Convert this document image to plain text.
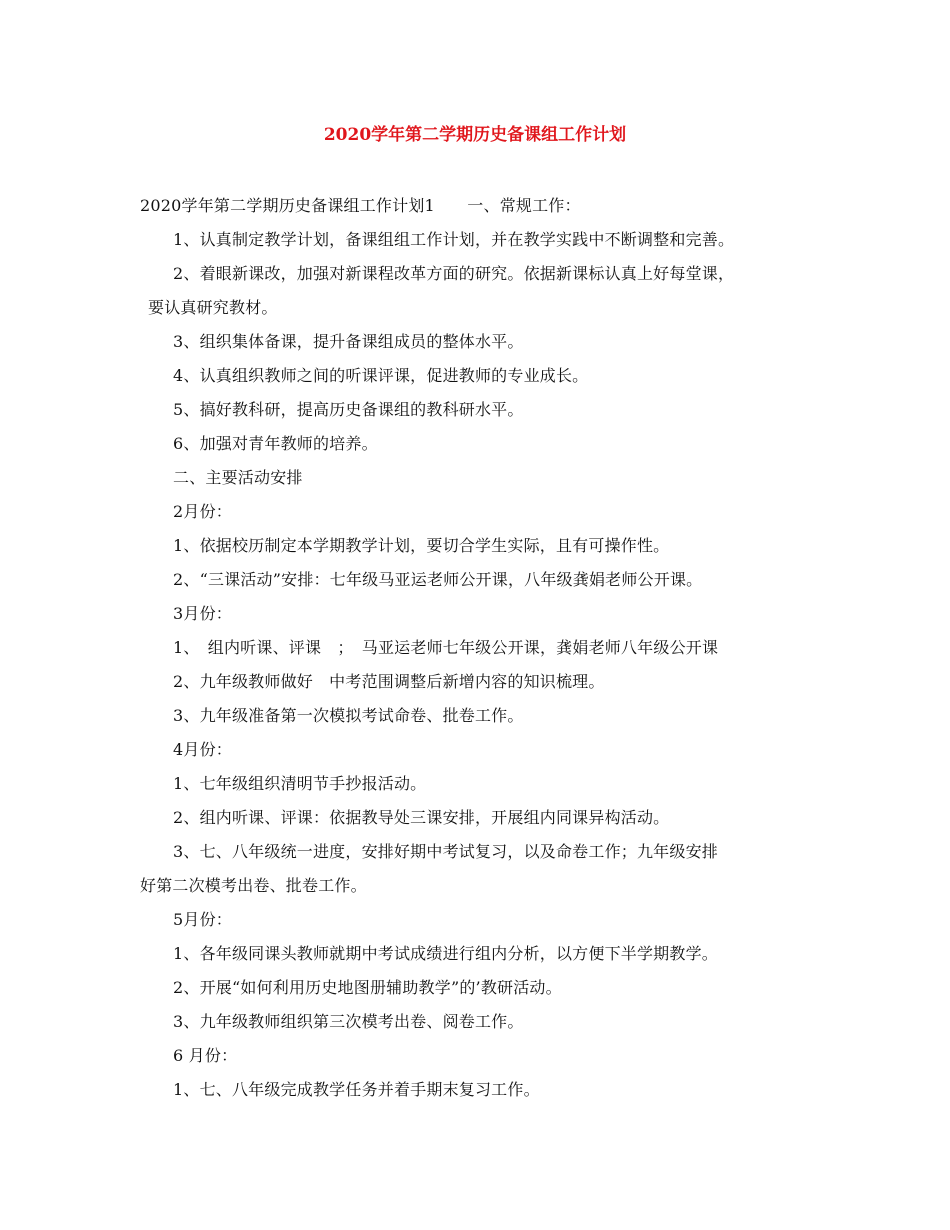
2020学年第二学期历史备课组工作计划
2020学年第二学期历史备课组工作计划1　　一、常规工作：
1、认真制定教学计划，备课组组工作计划，并在教学实践中不断调整和完善。
2、着眼新课改，加强对新课程改革方面的研究。依据新课标认真上好每堂课，
要认真研究教材。
3、组织集体备课，提升备课组成员的整体水平。
4、认真组织教师之间的听课评课，促进教师的专业成长。
5、搞好教科研，提高历史备课组的教科研水平。
6、加强对青年教师的培养。
二、主要活动安排
2月份：
1、依据校历制定本学期教学计划，要切合学生实际，且有可操作性。
2、“三课活动”安排：七年级马亚运老师公开课，八年级龚娟老师公开课。
3月份：
1、　组内听课、评课　；　马亚运老师七年级公开课，龚娟老师八年级公开课
2、九年级教师做好　中考范围调整后新增内容的知识梳理。
3、九年级准备第一次模拟考试命卷、批卷工作。
4月份：
1、七年级组织清明节手抄报活动。
2、组内听课、评课：依据教导处三课安排，开展组内同课异构活动。
3、七、八年级统一进度，安排好期中考试复习，以及命卷工作；九年级安排
好第二次模考出卷、批卷工作。
5月份：
1、各年级同课头教师就期中考试成绩进行组内分析，以方便下半学期教学。
2、开展“如何利用历史地图册辅助教学”的’教研活动。
3、九年级教师组织第三次模考出卷、阅卷工作。
6 月份：
1、七、八年级完成教学任务并着手期末复习工作。
